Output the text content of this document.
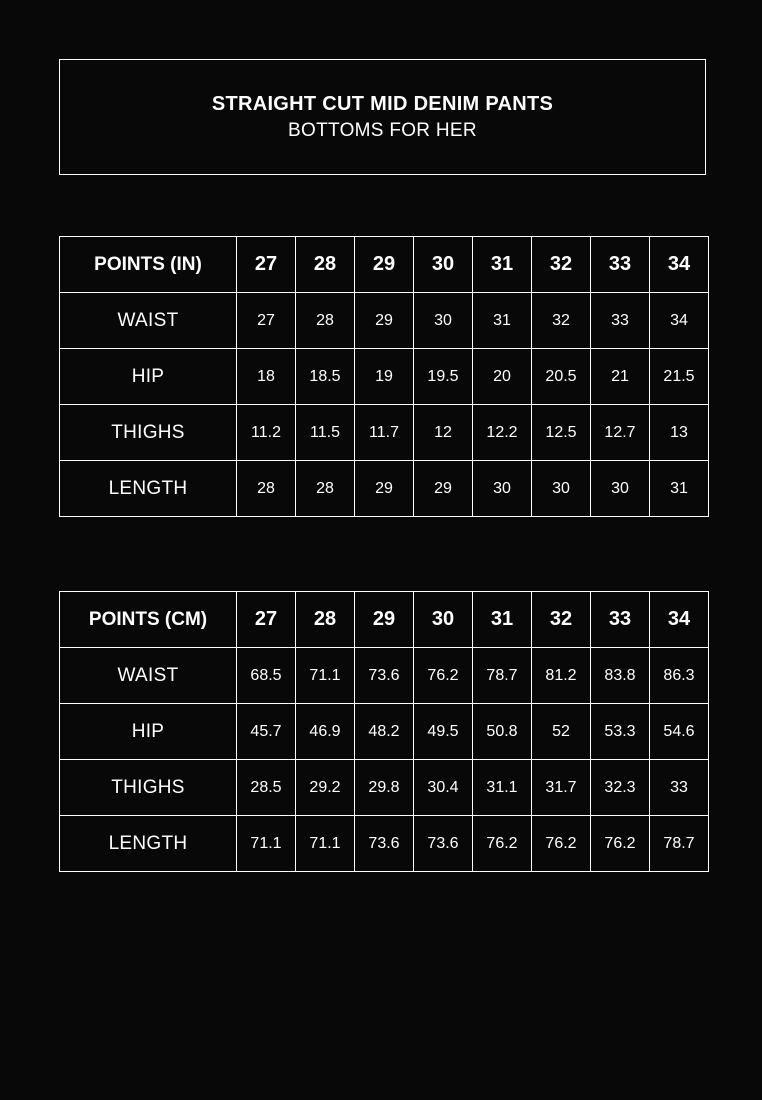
STRAIGHT CUT MID DENIM PANTS
BOTTOMS FOR HER
POINTS (IN)	27	28	29	30	31	32	33	34
WAIST	27	28	29	30	31	32	33	34
HIP	18	18.5	19	19.5	20	20.5	21	21.5
THIGHS	11.2	11.5	11.7	12	12.2	12.5	12.7	13
LENGTH	28	28	29	29	30	30	30	31
POINTS (CM)	27	28	29	30	31	32	33	34
WAIST	68.5	71.1	73.6	76.2	78.7	81.2	83.8	86.3
HIP	45.7	46.9	48.2	49.5	50.8	52	53.3	54.6
THIGHS	28.5	29.2	29.8	30.4	31.1	31.7	32.3	33
LENGTH	71.1	71.1	73.6	73.6	76.2	76.2	76.2	78.7
